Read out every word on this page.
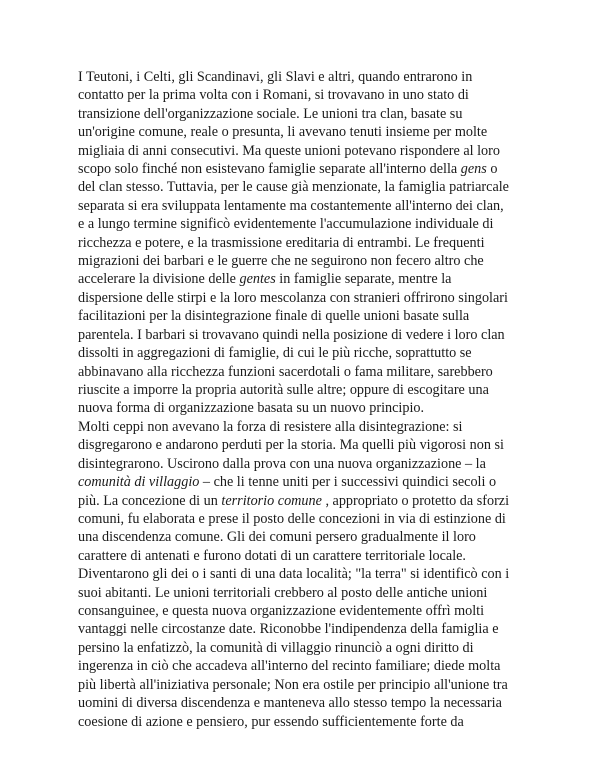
I Teutoni, i Celti, gli Scandinavi, gli Slavi e altri, quando entrarono in
contatto per la prima volta con i Romani, si trovavano in uno stato di
transizione dell'organizzazione sociale. Le unioni tra clan, basate su
un'origine comune, reale o presunta, li avevano tenuti insieme per molte
migliaia di anni consecutivi. Ma queste unioni potevano rispondere al loro
scopo solo finché non esistevano famiglie separate all'interno della gens o
del clan stesso. Tuttavia, per le cause già menzionate, la famiglia patriarcale
separata si era sviluppata lentamente ma costantemente all'interno dei clan,
e a lungo termine significò evidentemente l'accumulazione individuale di
ricchezza e potere, e la trasmissione ereditaria di entrambi. Le frequenti
migrazioni dei barbari e le guerre che ne seguirono non fecero altro che
accelerare la divisione delle gentes in famiglie separate, mentre la
dispersione delle stirpi e la loro mescolanza con stranieri offrirono singolari
facilitazioni per la disintegrazione finale di quelle unioni basate sulla
parentela. I barbari si trovavano quindi nella posizione di vedere i loro clan
dissolti in aggregazioni di famiglie, di cui le più ricche, soprattutto se
abbinavano alla ricchezza funzioni sacerdotali o fama militare, sarebbero
riuscite a imporre la propria autorità sulle altre; oppure di escogitare una
nuova forma di organizzazione basata su un nuovo principio.
Molti ceppi non avevano la forza di resistere alla disintegrazione: si
disgregarono e andarono perduti per la storia. Ma quelli più vigorosi non si
disintegrarono. Uscirono dalla prova con una nuova organizzazione – la
comunità di villaggio – che li tenne uniti per i successivi quindici secoli o
più. La concezione di un territorio comune , appropriato o protetto da sforzi
comuni, fu elaborata e prese il posto delle concezioni in via di estinzione di
una discendenza comune. Gli dei comuni persero gradualmente il loro
carattere di antenati e furono dotati di un carattere territoriale locale.
Diventarono gli dei o i santi di una data località; "la terra" si identificò con i
suoi abitanti. Le unioni territoriali crebbero al posto delle antiche unioni
consanguinee, e questa nuova organizzazione evidentemente offrì molti
vantaggi nelle circostanze date. Riconobbe l'indipendenza della famiglia e
persino la enfatizzò, la comunità di villaggio rinunciò a ogni diritto di
ingerenza in ciò che accadeva all'interno del recinto familiare; diede molta
più libertà all'iniziativa personale; Non era ostile per principio all'unione tra
uomini di diversa discendenza e manteneva allo stesso tempo la necessaria
coesione di azione e pensiero, pur essendo sufficientemente forte da
